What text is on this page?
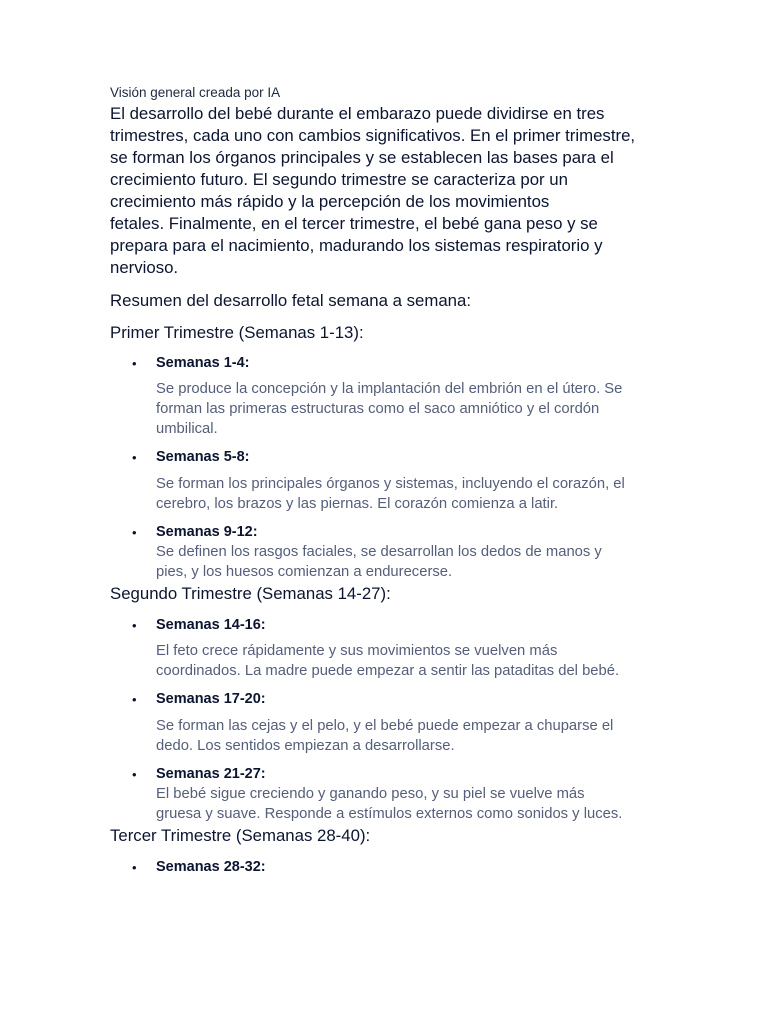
Visión general creada por IA

El desarrollo del bebé durante el embarazo puede dividirse en tres
trimestres, cada uno con cambios significativos. En el primer trimestre,
se forman los órganos principales y se establecen las bases para el
crecimiento futuro. El segundo trimestre se caracteriza por un
crecimiento más rápido y la percepción de los movimientos
fetales. Finalmente, en el tercer trimestre, el bebé gana peso y se
prepara para el nacimiento, madurando los sistemas respiratorio y
nervioso.

Resumen del desarrollo fetal semana a semana:

Primer Trimestre (Semanas 1-13):

• Semanas 1-4:

Se produce la concepción y la implantación del embrión en el útero. Se
forman las primeras estructuras como el saco amniótico y el cordón
umbilical.

• Semanas 5-8:

Se forman los principales órganos y sistemas, incluyendo el corazón, el
cerebro, los brazos y las piernas. El corazón comienza a latir.

• Semanas 9-12:

Se definen los rasgos faciales, se desarrollan los dedos de manos y
pies, y los huesos comienzan a endurecerse.

Segundo Trimestre (Semanas 14-27):

• Semanas 14-16:

El feto crece rápidamente y sus movimientos se vuelven más
coordinados. La madre puede empezar a sentir las pataditas del bebé.

• Semanas 17-20:

Se forman las cejas y el pelo, y el bebé puede empezar a chuparse el
dedo. Los sentidos empiezan a desarrollarse.

• Semanas 21-27:

El bebé sigue creciendo y ganando peso, y su piel se vuelve más
gruesa y suave. Responde a estímulos externos como sonidos y luces.

Tercer Trimestre (Semanas 28-40):

• Semanas 28-32:
